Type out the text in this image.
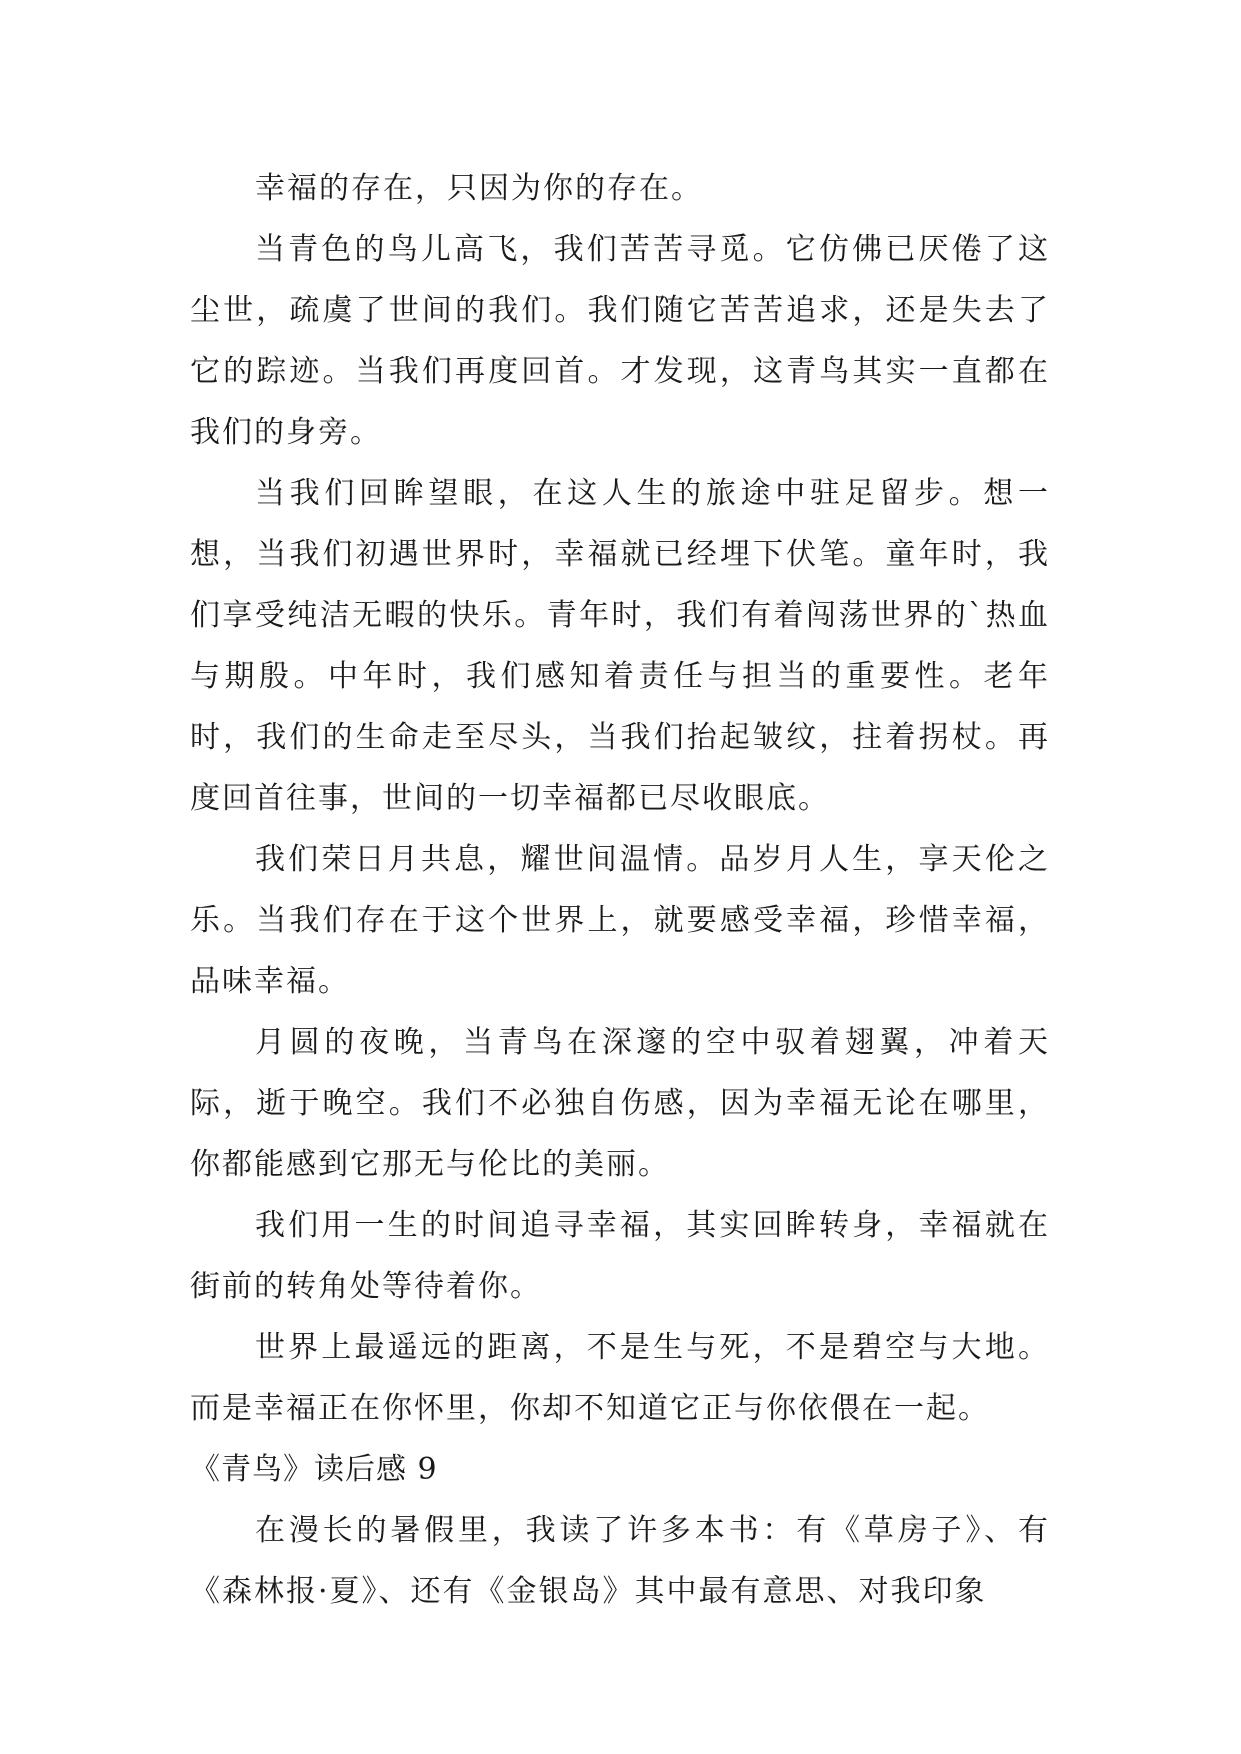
幸福的存在，只因为你的存在。

当青色的鸟儿高飞，我们苦苦寻觅。它仿佛已厌倦了这尘世，疏虞了世间的我们。我们随它苦苦追求，还是失去了它的踪迹。当我们再度回首。才发现，这青鸟其实一直都在我们的身旁。

当我们回眸望眼，在这人生的旅途中驻足留步。想一想，当我们初遇世界时，幸福就已经埋下伏笔。童年时，我们享受纯洁无暇的快乐。青年时，我们有着闯荡世界的`热血与期殷。中年时，我们感知着责任与担当的重要性。老年时，我们的生命走至尽头，当我们抬起皱纹，拄着拐杖。再度回首往事，世间的一切幸福都已尽收眼底。

我们荣日月共息，耀世间温情。品岁月人生，享天伦之乐。当我们存在于这个世界上，就要感受幸福，珍惜幸福，品味幸福。

月圆的夜晚，当青鸟在深邃的空中驭着翅翼，冲着天际，逝于晚空。我们不必独自伤感，因为幸福无论在哪里，你都能感到它那无与伦比的美丽。

我们用一生的时间追寻幸福，其实回眸转身，幸福就在街前的转角处等待着你。

世界上最遥远的距离，不是生与死，不是碧空与大地。而是幸福正在你怀里，你却不知道它正与你依偎在一起。

《青鸟》读后感 9

在漫长的暑假里，我读了许多本书：有《草房子》、有《森林报·夏》、还有《金银岛》其中最有意思、对我印象
